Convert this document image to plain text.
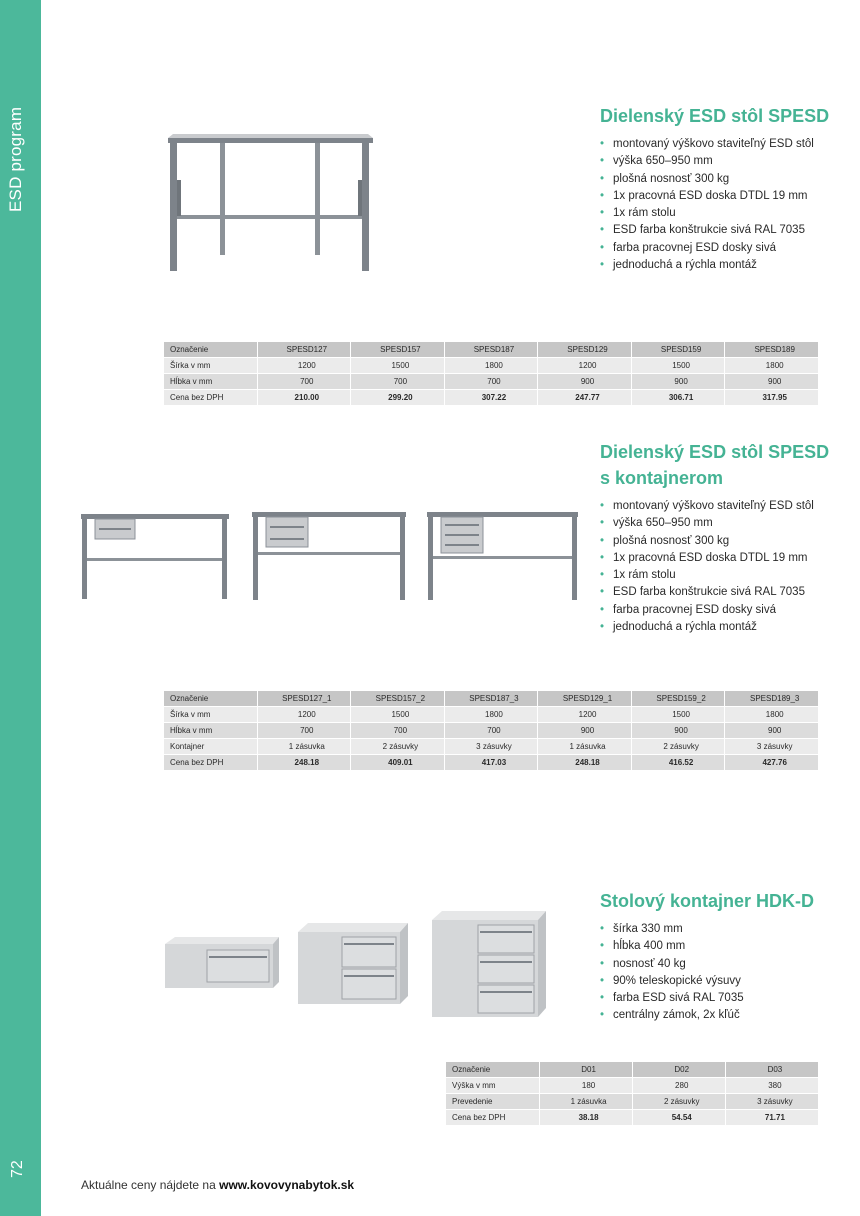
ESD program
72
Dielenský ESD stôl SPESD
• montovaný výškovo staviteľný ESD stôl
• výška 650–950 mm
• plošná nosnosť 300 kg
• 1x pracovná ESD doska DTDL 19 mm
• 1x rám stolu
• ESD farba konštrukcie sivá RAL 7035
• farba pracovnej ESD dosky sivá
• jednoduchá a rýchla montáž
Označenie	SPESD127	SPESD157	SPESD187	SPESD129	SPESD159	SPESD189
Šírka v mm	1200	1500	1800	1200	1500	1800
Hĺbka v mm	700	700	700	900	900	900
Cena bez DPH	210.00	299.20	307.22	247.77	306.71	317.95
Dielenský ESD stôl SPESD
s kontajnerom
• montovaný výškovo staviteľný ESD stôl
• výška 650–950 mm
• plošná nosnosť 300 kg
• 1x pracovná ESD doska DTDL 19 mm
• 1x rám stolu
• ESD farba konštrukcie sivá RAL 7035
• farba pracovnej ESD dosky sivá
• jednoduchá a rýchla montáž
Označenie	SPESD127_1	SPESD157_2	SPESD187_3	SPESD129_1	SPESD159_2	SPESD189_3
Šírka v mm	1200	1500	1800	1200	1500	1800
Hĺbka v mm	700	700	700	900	900	900
Kontajner	1 zásuvka	2 zásuvky	3 zásuvky	1 zásuvka	2 zásuvky	3 zásuvky
Cena bez DPH	248.18	409.01	417.03	248.18	416.52	427.76
Stolový kontajner HDK-D
• šírka 330 mm
• hĺbka 400 mm
• nosnosť 40 kg
• 90% teleskopické výsuvy
• farba ESD sivá RAL 7035
• centrálny zámok, 2x kľúč
Označenie	D01	D02	D03
Výška v mm	180	280	380
Prevedenie	1 zásuvka	2 zásuvky	3 zásuvky
Cena bez DPH	38.18	54.54	71.71
Aktuálne ceny nájdete na www.kovovynabytok.sk
